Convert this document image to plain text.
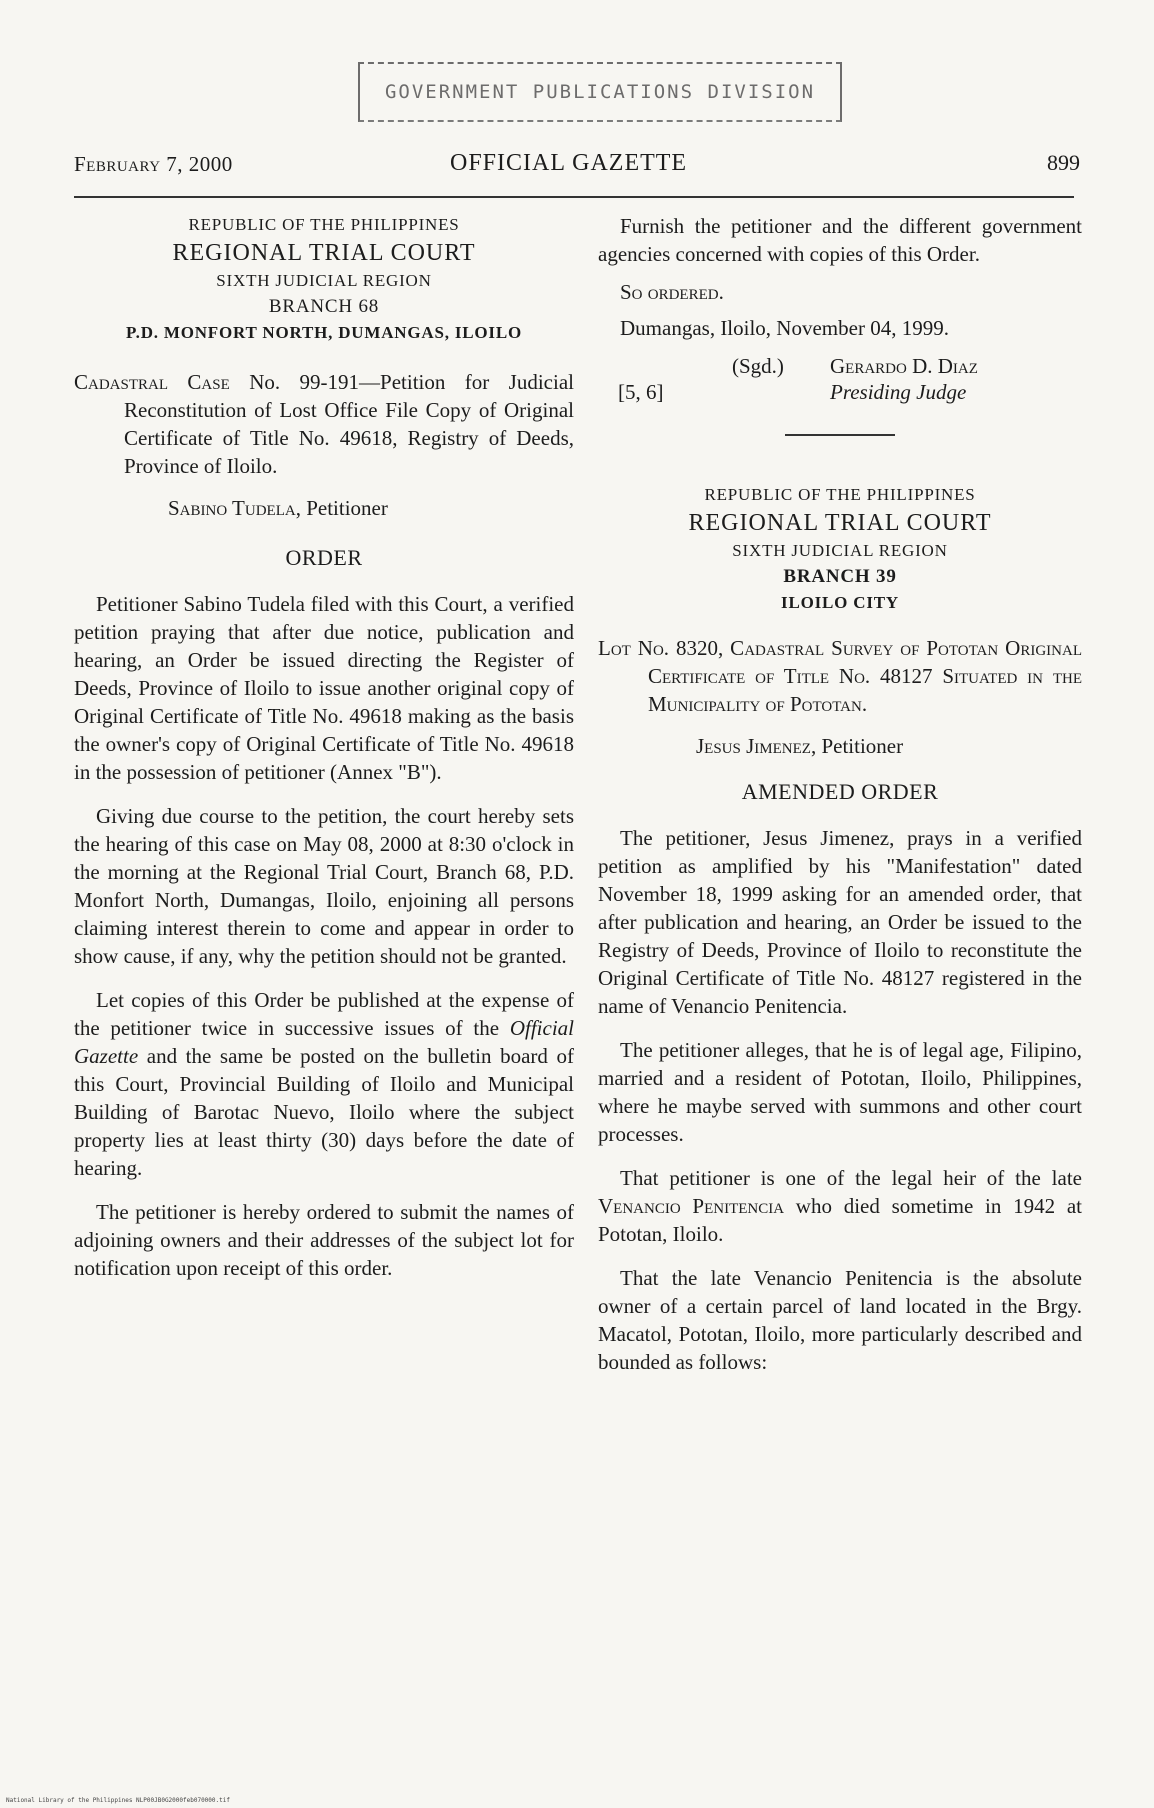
GOVERNMENT PUBLICATIONS DIVISION
February 7, 2000	OFFICIAL GAZETTE	899
REPUBLIC OF THE PHILIPPINES
REGIONAL TRIAL COURT
SIXTH JUDICIAL REGION
BRANCH 68
P.D. MONFORT NORTH, DUMANGAS, ILOILO

Cadastral Case No. 99-191—Petition for Judicial Reconstitution of Lost Office File Copy of Original Certificate of Title No. 49618, Registry of Deeds, Province of Iloilo.

Sabino Tudela, Petitioner
ORDER

Petitioner Sabino Tudela filed with this Court, a verified petition praying that after due notice, publication and hearing, an Order be issued directing the Register of Deeds, Province of Iloilo to issue another original copy of Original Certificate of Title No. 49618 making as the basis the owner's copy of Original Certificate of Title No. 49618 in the possession of petitioner (Annex "B").

Giving due course to the petition, the court hereby sets the hearing of this case on May 08, 2000 at 8:30 o'clock in the morning at the Regional Trial Court, Branch 68, P.D. Monfort North, Dumangas, Iloilo, enjoining all persons claiming interest therein to come and appear in order to show cause, if any, why the petition should not be granted.

Let copies of this Order be published at the expense of the petitioner twice in successive issues of the Official Gazette and the same be posted on the bulletin board of this Court, Provincial Building of Iloilo and Municipal Building of Barotac Nuevo, Iloilo where the subject property lies at least thirty (30) days before the date of hearing.

The petitioner is hereby ordered to submit the names of adjoining owners and their addresses of the subject lot for notification upon receipt of this order.

Furnish the petitioner and the different government agencies concerned with copies of this Order.

So ordered.

Dumangas, Iloilo, November 04, 1999.

(Sgd.) Gerardo D. Diaz
[5, 6]	Presiding Judge
REPUBLIC OF THE PHILIPPINES
REGIONAL TRIAL COURT
SIXTH JUDICIAL REGION
BRANCH 39
ILOILO CITY

Lot No. 8320, Cadastral Survey of Pototan Original Certificate of Title No. 48127 Situated in the Municipality of Pototan.

Jesus Jimenez, Petitioner
AMENDED ORDER

The petitioner, Jesus Jimenez, prays in a verified petition as amplified by his "Manifestation" dated November 18, 1999 asking for an amended order, that after publication and hearing, an Order be issued to the Registry of Deeds, Province of Iloilo to reconstitute the Original Certificate of Title No. 48127 registered in the name of Venancio Penitencia.

The petitioner alleges, that he is of legal age, Filipino, married and a resident of Pototan, Iloilo, Philippines, where he maybe served with summons and other court processes.

That petitioner is one of the legal heir of the late Venancio Penitencia who died sometime in 1942 at Pototan, Iloilo.

That the late Venancio Penitencia is the absolute owner of a certain parcel of land located in the Brgy. Macatol, Pototan, Iloilo, more particularly described and bounded as follows:

National Library of the Philippines NLP00JB0G2000feb070000.tif
